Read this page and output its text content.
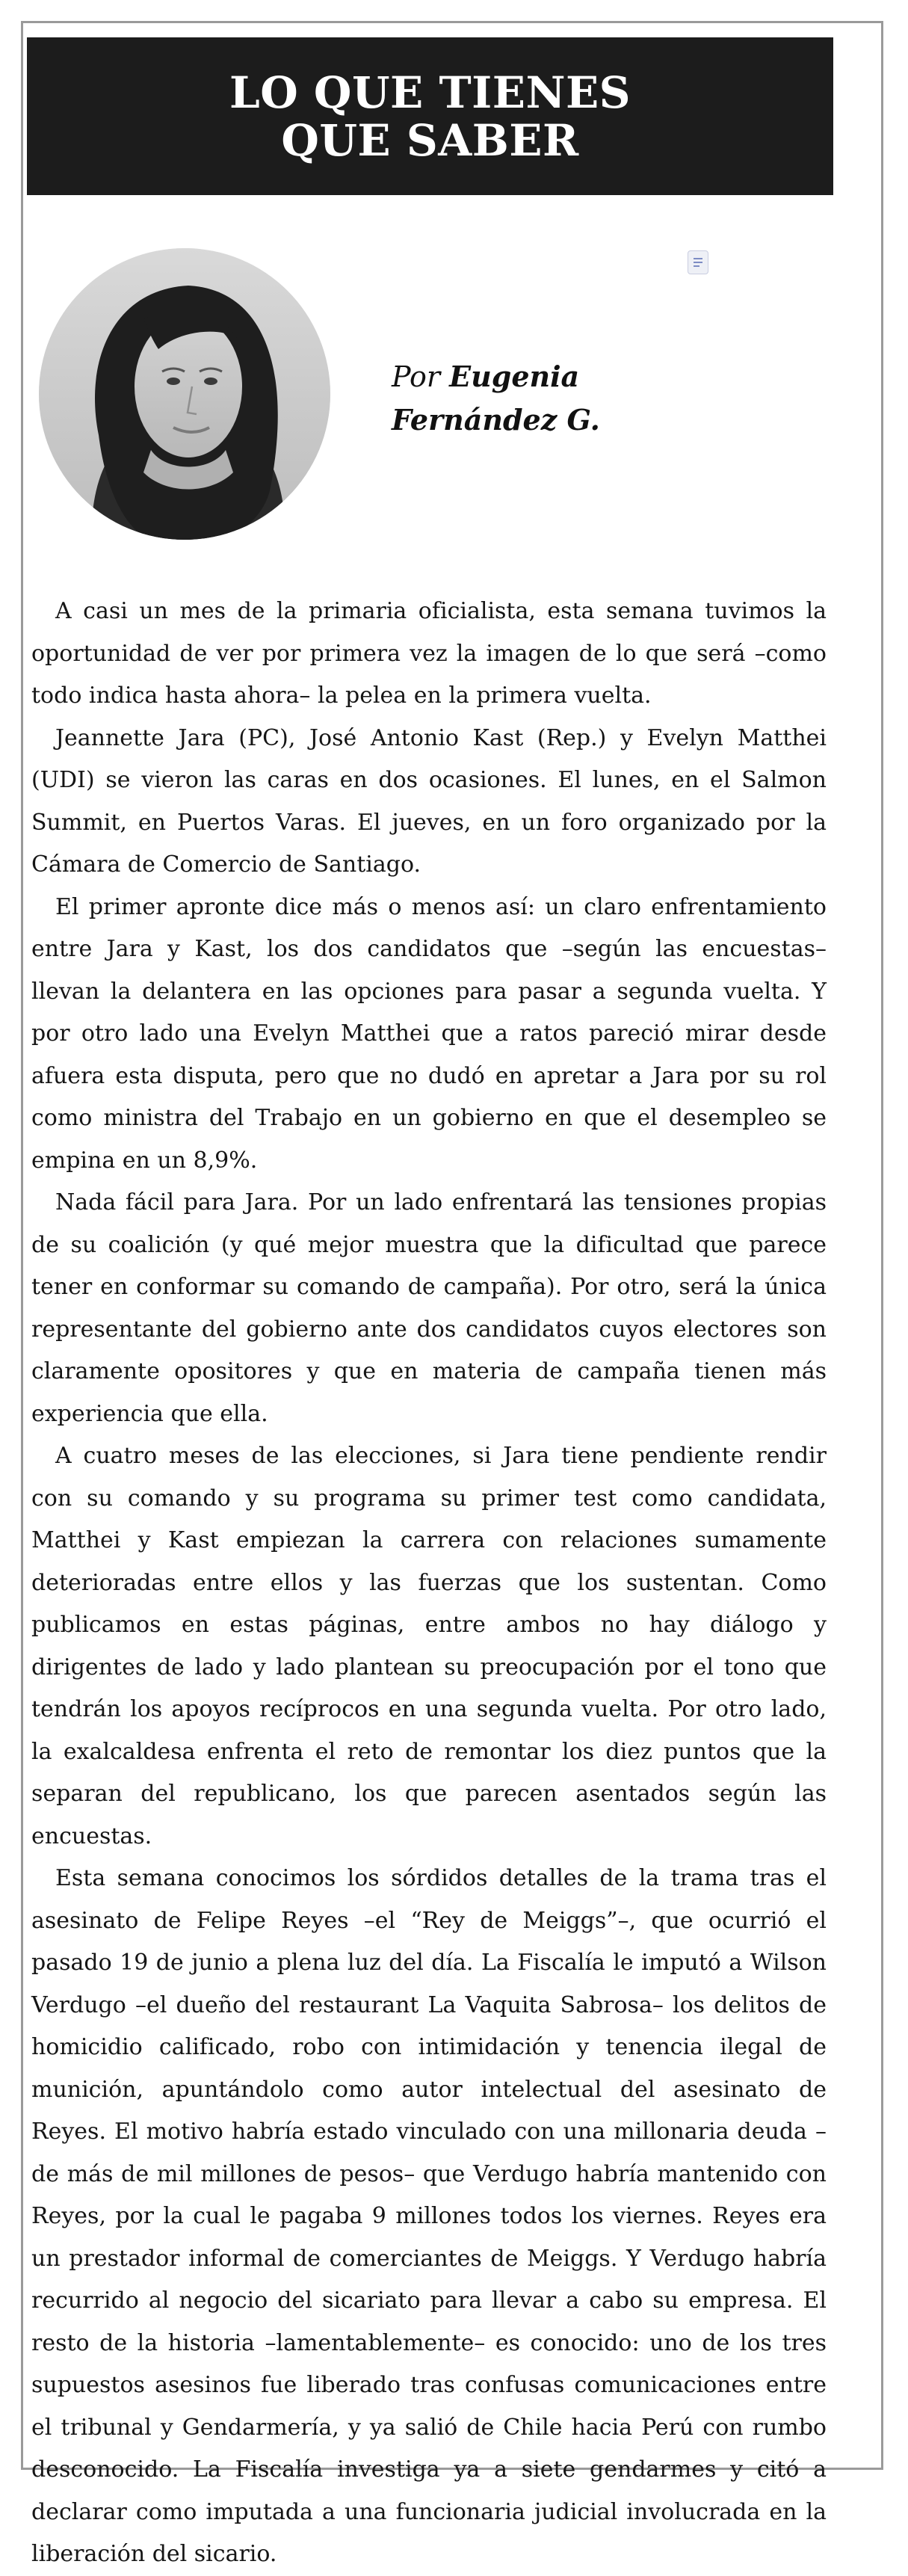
LO QUE TIENES
QUE SABER
Por Eugenia
Fernández G.

A casi un mes de la primaria oficialista, esta semana tuvimos la oportunidad de ver por primera vez la imagen de lo que será –como todo indica hasta ahora– la pelea en la primera vuelta.

Jeannette Jara (PC), José Antonio Kast (Rep.) y Evelyn Matthei (UDI) se vieron las caras en dos ocasiones. El lunes, en el Salmon Summit, en Puertos Varas. El jueves, en un foro organizado por la Cámara de Comercio de Santiago.

El primer apronte dice más o menos así: un claro enfrentamiento entre Jara y Kast, los dos candidatos que –según las encuestas– llevan la delantera en las opciones para pasar a segunda vuelta. Y por otro lado una Evelyn Matthei que a ratos pareció mirar desde afuera esta disputa, pero que no dudó en apretar a Jara por su rol como ministra del Trabajo en un gobierno en que el desempleo se empina en un 8,9%.

Nada fácil para Jara. Por un lado enfrentará las tensiones propias de su coalición (y qué mejor muestra que la dificultad que parece tener en conformar su comando de campaña). Por otro, será la única representante del gobierno ante dos candidatos cuyos electores son claramente opositores y que en materia de campaña tienen más experiencia que ella.

A cuatro meses de las elecciones, si Jara tiene pendiente rendir con su comando y su programa su primer test como candidata, Matthei y Kast empiezan la carrera con relaciones sumamente deterioradas entre ellos y las fuerzas que los sustentan. Como publicamos en estas páginas, entre ambos no hay diálogo y dirigentes de lado y lado plantean su preocupación por el tono que tendrán los apoyos recíprocos en una segunda vuelta. Por otro lado, la exalcaldesa enfrenta el reto de remontar los diez puntos que la separan del republicano, los que parecen asentados según las encuestas.

Esta semana conocimos los sórdidos detalles de la trama tras el asesinato de Felipe Reyes –el “Rey de Meiggs”–, que ocurrió el pasado 19 de junio a plena luz del día. La Fiscalía le imputó a Wilson Verdugo –el dueño del restaurant La Vaquita Sabrosa– los delitos de homicidio calificado, robo con intimidación y tenencia ilegal de munición, apuntándolo como autor intelectual del asesinato de Reyes. El motivo habría estado vinculado con una millonaria deuda –de más de mil millones de pesos– que Verdugo habría mantenido con Reyes, por la cual le pagaba 9 millones todos los viernes. Reyes era un prestador informal de comerciantes de Meiggs. Y Verdugo habría recurrido al negocio del sicariato para llevar a cabo su empresa. El resto de la historia –lamentablemente– es conocido: uno de los tres supuestos asesinos fue liberado tras confusas comunicaciones entre el tribunal y Gendarmería, y ya salió de Chile hacia Perú con rumbo desconocido. La Fiscalía investiga ya a siete gendarmes y citó a declarar como imputada a una funcionaria judicial involucrada en la liberación del sicario.
